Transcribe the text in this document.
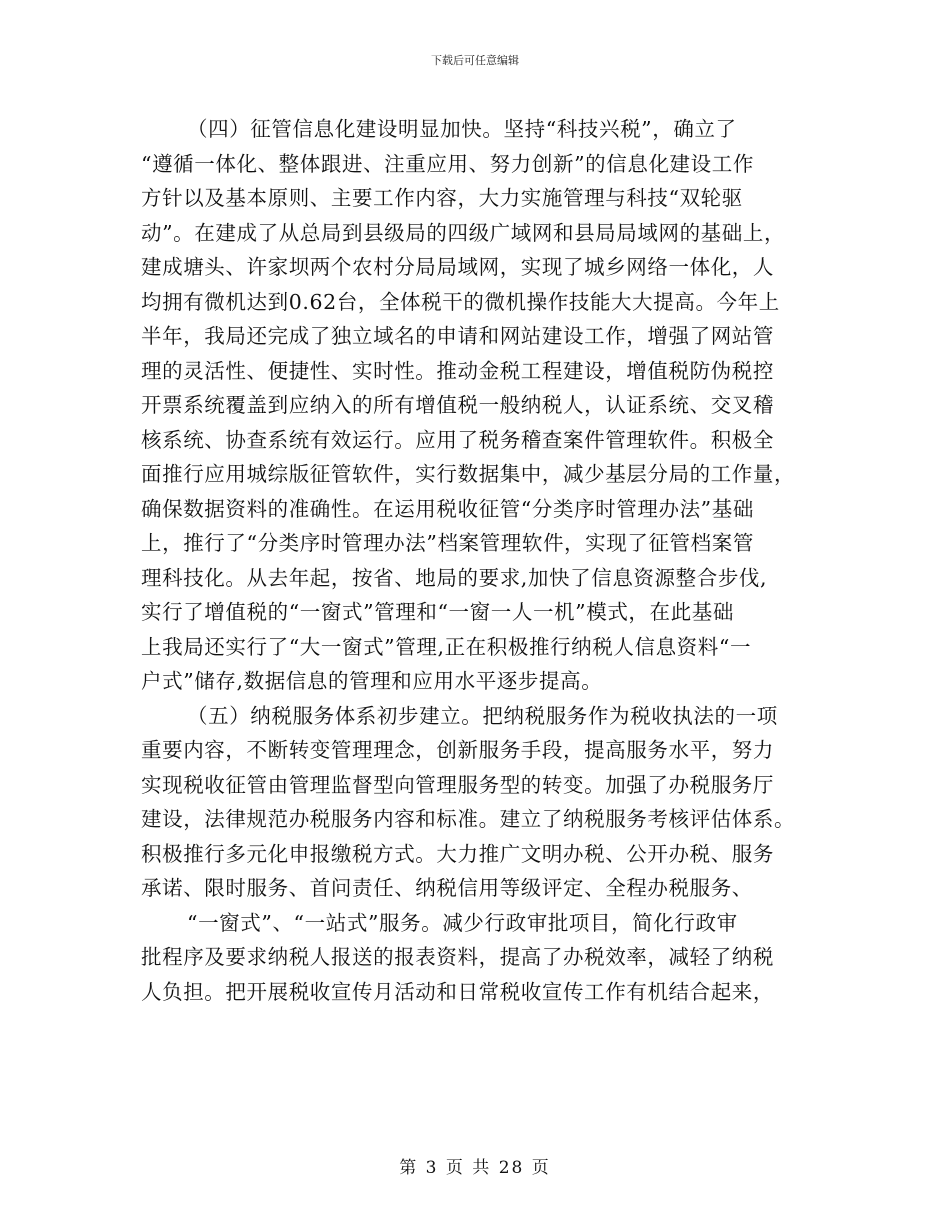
下载后可任意编辑
（四）征管信息化建设明显加快。坚持“科技兴税”，确立了
“遵循一体化、整体跟进、注重应用、努力创新”的信息化建设工作
方针以及基本原则、主要工作内容，大力实施管理与科技“双轮驱
动”。在建成了从总局到县级局的四级广域网和县局局域网的基础上，
建成塘头、许家坝两个农村分局局域网，实现了城乡网络一体化，人
均拥有微机达到0.62台，全体税干的微机操作技能大大提高。今年上
半年，我局还完成了独立域名的申请和网站建设工作，增强了网站管
理的灵活性、便捷性、实时性。推动金税工程建设，增值税防伪税控
开票系统覆盖到应纳入的所有增值税一般纳税人，认证系统、交叉稽
核系统、协查系统有效运行。应用了税务稽查案件管理软件。积极全
面推行应用城综版征管软件，实行数据集中，减少基层分局的工作量，
确保数据资料的准确性。在运用税收征管“分类序时管理办法”基础
上，推行了“分类序时管理办法”档案管理软件，实现了征管档案管
理科技化。从去年起，按省、地局的要求,加快了信息资源整合步伐,
实行了增值税的“一窗式”管理和“一窗一人一机”模式，在此基础
上我局还实行了“大一窗式”管理,正在积极推行纳税人信息资料“一
户式”储存,数据信息的管理和应用水平逐步提高。
（五）纳税服务体系初步建立。把纳税服务作为税收执法的一项
重要内容，不断转变管理理念，创新服务手段，提高服务水平，努力
实现税收征管由管理监督型向管理服务型的转变。加强了办税服务厅
建设，法律规范办税服务内容和标准。建立了纳税服务考核评估体系。
积极推行多元化申报缴税方式。大力推广文明办税、公开办税、服务
承诺、限时服务、首问责任、纳税信用等级评定、全程办税服务、
“一窗式”、“一站式”服务。减少行政审批项目，简化行政审
批程序及要求纳税人报送的报表资料，提高了办税效率，减轻了纳税
人负担。把开展税收宣传月活动和日常税收宣传工作有机结合起来，
第 3 页 共 28 页
